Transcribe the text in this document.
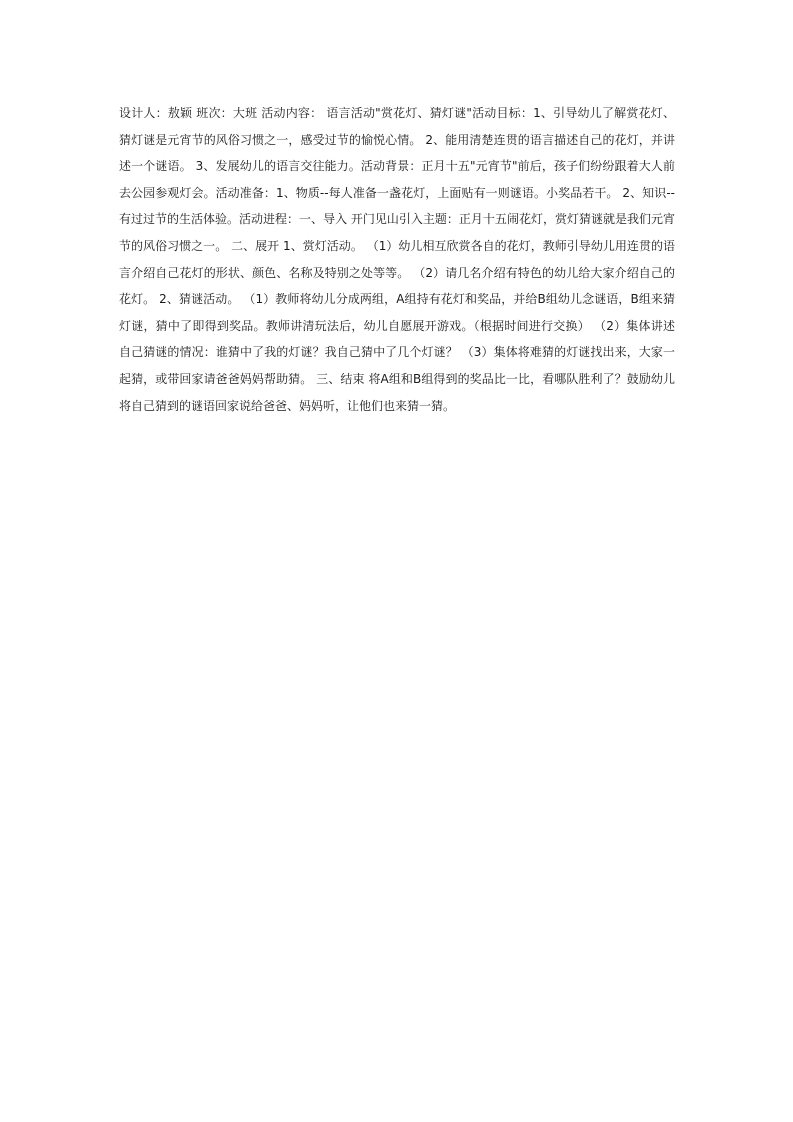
设计人：敖颖 班次：大班 活动内容： 语言活动"赏花灯、猜灯谜"活动目标：1、引导幼儿了解赏花灯、猜灯谜是元宵节的风俗习惯之一，感受过节的愉悦心情。 2、能用清楚连贯的语言描述自己的花灯，并讲述一个谜语。 3、发展幼儿的语言交往能力。活动背景：正月十五"元宵节"前后，孩子们纷纷跟着大人前去公园参观灯会。活动准备：1、物质--每人准备一盏花灯，上面贴有一则谜语。小奖品若干。 2、知识--有过过节的生活体验。活动进程：一、导入 开门见山引入主题：正月十五闹花灯，赏灯猜谜就是我们元宵节的风俗习惯之一。 二、展开 1、赏灯活动。 （1）幼儿相互欣赏各自的花灯，教师引导幼儿用连贯的语言介绍自己花灯的形状、颜色、名称及特别之处等等。 （2）请几名介绍有特色的幼儿给大家介绍自己的花灯。 2、猜谜活动。 （1）教师将幼儿分成两组，A组持有花灯和奖品，并给B组幼儿念谜语，B组来猜灯谜，猜中了即得到奖品。教师讲清玩法后，幼儿自愿展开游戏。（根据时间进行交换） （2）集体讲述自己猜谜的情况：谁猜中了我的灯谜？我自己猜中了几个灯谜？ （3）集体将难猜的灯谜找出来，大家一起猜，或带回家请爸爸妈妈帮助猜。 三、结束 将A组和B组得到的奖品比一比，看哪队胜利了？鼓励幼儿将自己猜到的谜语回家说给爸爸、妈妈听，让他们也来猜一猜。
